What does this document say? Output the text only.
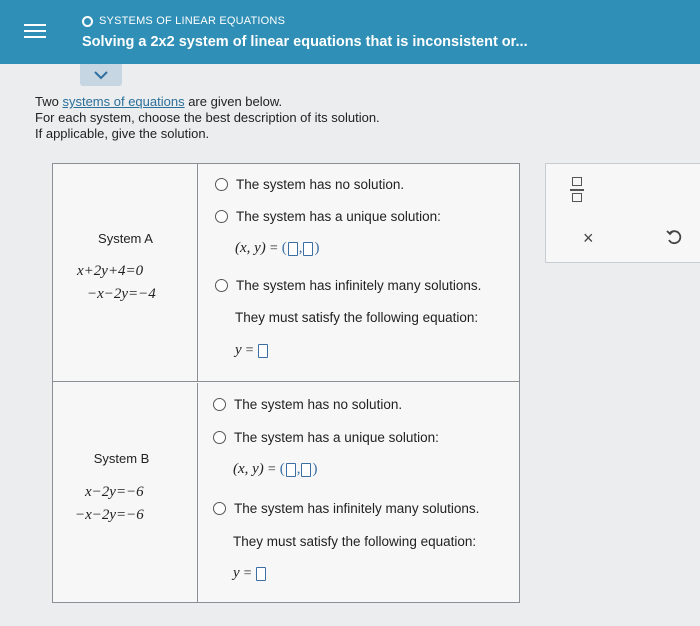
SYSTEMS OF LINEAR EQUATIONS
Solving a 2x2 system of linear equations that is inconsistent or...
Two systems of equations are given below.
For each system, choose the best description of its solution.
If applicable, give the solution.
System A
x+2y+4=0
−x−2y=−4
The system has no solution.
The system has a unique solution:
(x, y) = ( , )
The system has infinitely many solutions.
They must satisfy the following equation:
y =
System B
x−2y=−6
−x−2y=−6
The system has no solution.
The system has a unique solution:
(x, y) = ( , )
The system has infinitely many solutions.
They must satisfy the following equation:
y =
×
